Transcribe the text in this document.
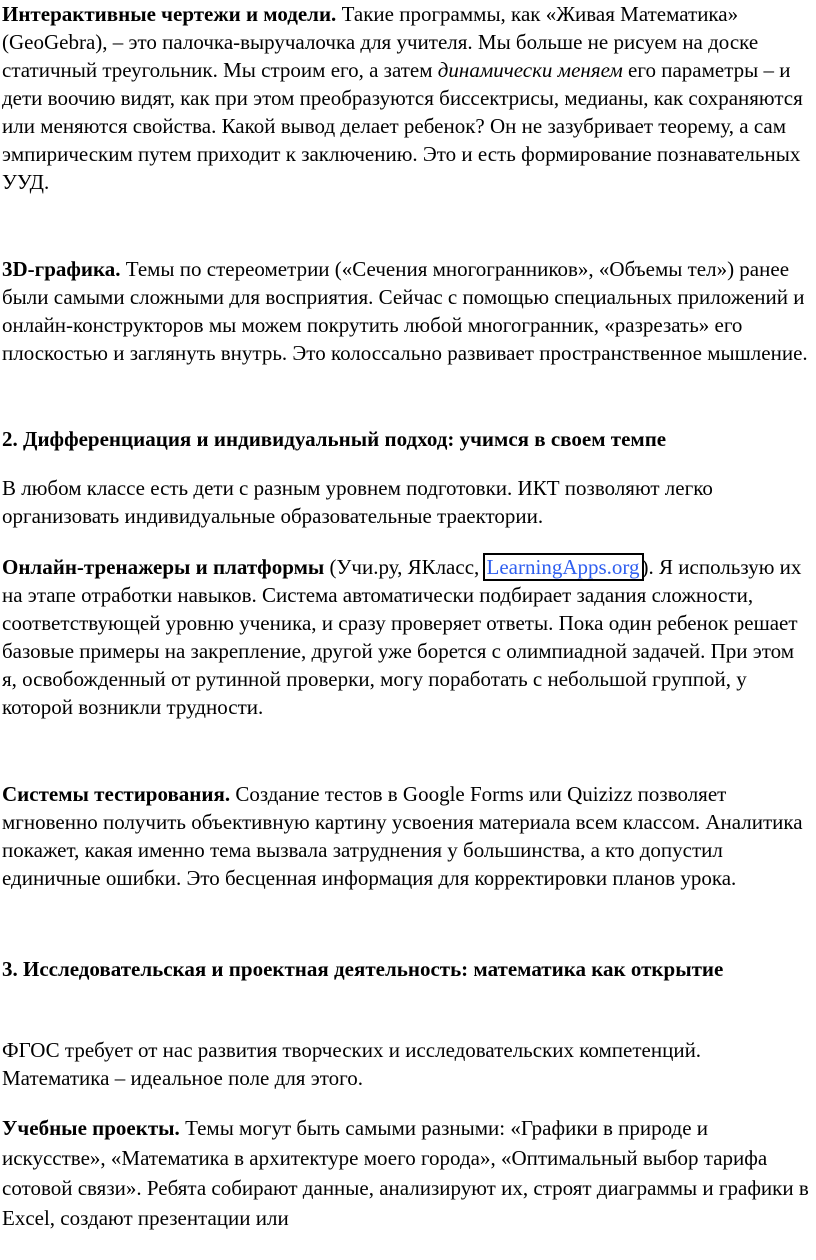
Интерактивные чертежи и модели. Такие программы, как «Живая Математика» (GeoGebra), – это палочка-выручалочка для учителя. Мы больше не рисуем на доске статичный треугольник. Мы строим его, а затем динамически меняем его параметры – и дети воочию видят, как при этом преобразуются биссектрисы, медианы, как сохраняются или меняются свойства. Какой вывод делает ребенок? Он не зазубривает теорему, а сам эмпирическим путем приходит к заключению. Это и есть формирование познавательных УУД.

3D-графика. Темы по стереометрии («Сечения многогранников», «Объемы тел») ранее были самыми сложными для восприятия. Сейчас с помощью специальных приложений и онлайн-конструкторов мы можем покрутить любой многогранник, «разрезать» его плоскостью и заглянуть внутрь. Это колоссально развивает пространственное мышление.

2. Дифференциация и индивидуальный подход: учимся в своем темпе

В любом классе есть дети с разным уровнем подготовки. ИКТ позволяют легко организовать индивидуальные образовательные траектории.

Онлайн-тренажеры и платформы (Учи.ру, ЯКласс, LearningApps.org). Я использую их на этапе отработки навыков. Система автоматически подбирает задания сложности, соответствующей уровню ученика, и сразу проверяет ответы. Пока один ребенок решает базовые примеры на закрепление, другой уже борется с олимпиадной задачей. При этом я, освобожденный от рутинной проверки, могу поработать с небольшой группой, у которой возникли трудности.

Системы тестирования. Создание тестов в Google Forms или Quizizz позволяет мгновенно получить объективную картину усвоения материала всем классом. Аналитика покажет, какая именно тема вызвала затруднения у большинства, а кто допустил единичные ошибки. Это бесценная информация для корректировки планов урока.

3. Исследовательская и проектная деятельность: математика как открытие

ФГОС требует от нас развития творческих и исследовательских компетенций. Математика – идеальное поле для этого.

Учебные проекты. Темы могут быть самыми разными: «Графики в природе и искусстве», «Математика в архитектуре моего города», «Оптимальный выбор тарифа сотовой связи». Ребята собирают данные, анализируют их, строят диаграммы и графики в Excel, создают презентации или
